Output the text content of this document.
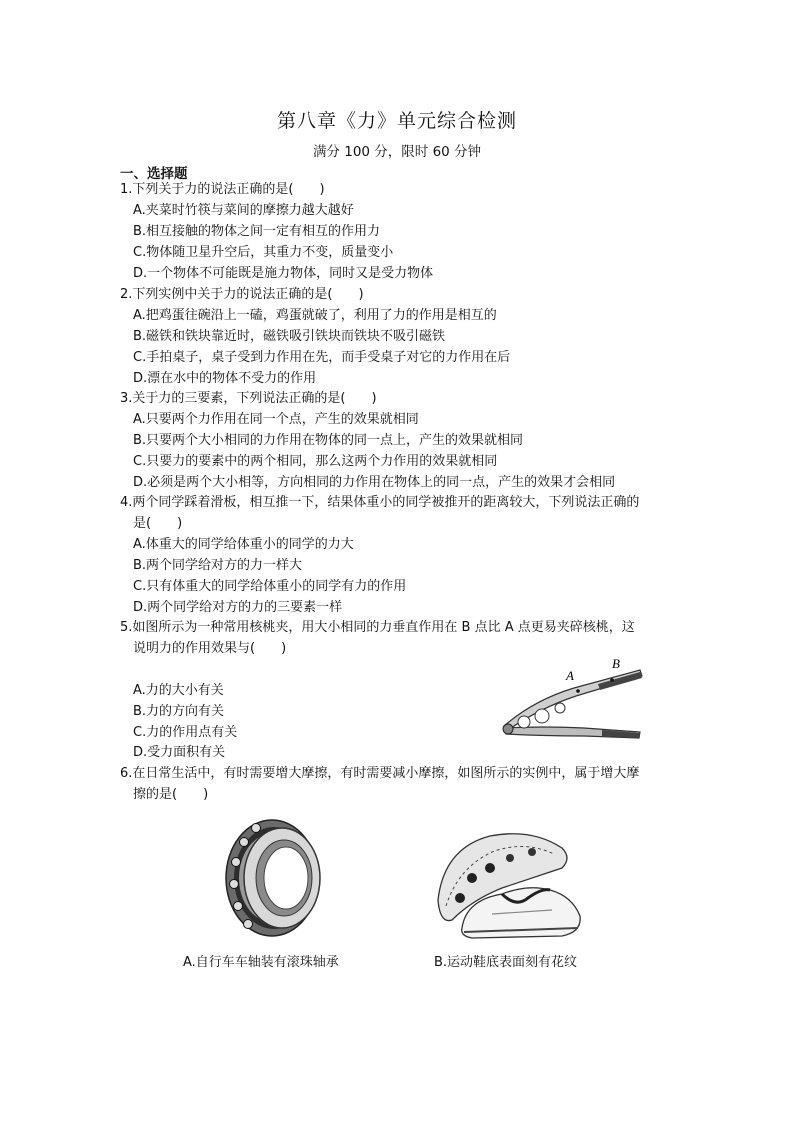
第八章《力》单元综合检测
满分 100 分，限时 60 分钟
一、选择题
1.下列关于力的说法正确的是(　　)
A.夹菜时竹筷与菜间的摩擦力越大越好
B.相互接触的物体之间一定有相互的作用力
C.物体随卫星升空后，其重力不变，质量变小
D.一个物体不可能既是施力物体，同时又是受力物体
2.下列实例中关于力的说法正确的是(　　)
A.把鸡蛋往碗沿上一磕，鸡蛋就破了，利用了力的作用是相互的
B.磁铁和铁块靠近时，磁铁吸引铁块而铁块不吸引磁铁
C.手拍桌子，桌子受到力作用在先，而手受桌子对它的力作用在后
D.漂在水中的物体不受力的作用
3.关于力的三要素，下列说法正确的是(　　)
A.只要两个力作用在同一个点，产生的效果就相同
B.只要两个大小相同的力作用在物体的同一点上，产生的效果就相同
C.只要力的要素中的两个相同，那么这两个力作用的效果就相同
D.必须是两个大小相等，方向相同的力作用在物体上的同一点，产生的效果才会相同
4.两个同学踩着滑板，相互推一下，结果体重小的同学被推开的距离较大，下列说法正确的
是(　　)
A.体重大的同学给体重小的同学的力大
B.两个同学给对方的力一样大
C.只有体重大的同学给体重小的同学有力的作用
D.两个同学给对方的力的三要素一样
5.如图所示为一种常用核桃夹，用大小相同的力垂直作用在 B 点比 A 点更易夹碎核桃，这
说明力的作用效果与(　　)
A.力的大小有关
B.力的方向有关
C.力的作用点有关
D.受力面积有关
A
B
6.在日常生活中，有时需要增大摩擦，有时需要减小摩擦，如图所示的实例中，属于增大摩
擦的是(　　)
A.自行车车轴装有滚珠轴承	B.运动鞋底表面刻有花纹
